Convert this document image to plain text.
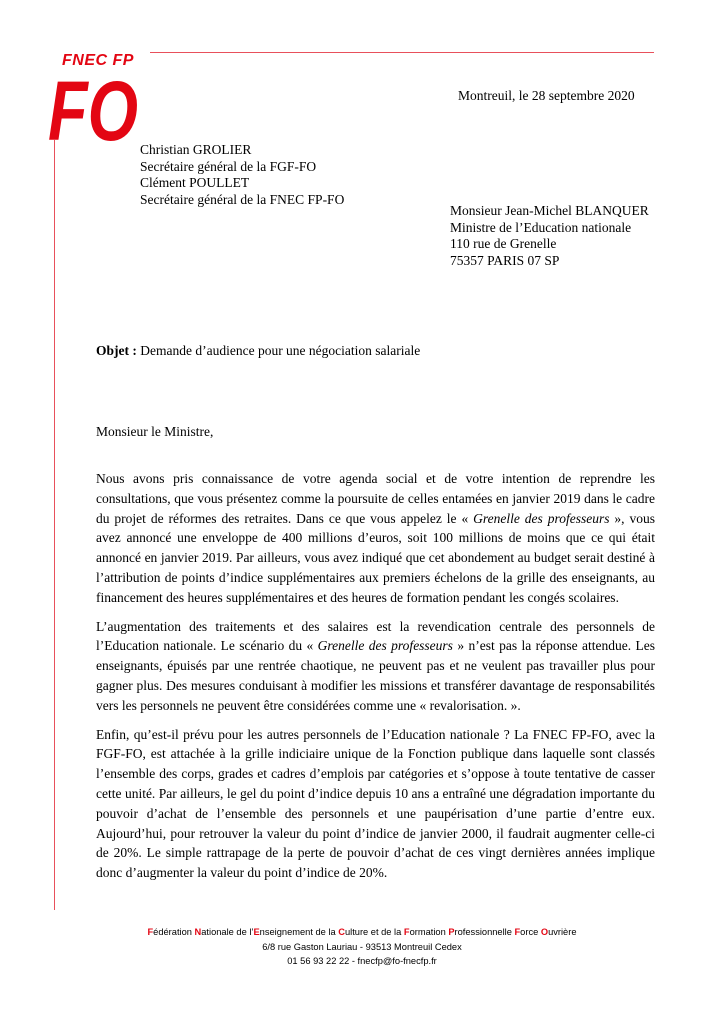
FNEC FP
FO	Montreuil, le 28 septembre 2020
Christian GROLIER
Secrétaire général de la FGF-FO
Clément POULLET
Secrétaire général de la FNEC FP-FO
Monsieur Jean-Michel BLANQUER
Ministre de l’Education nationale
110 rue de Grenelle
75357 PARIS 07 SP
Objet : Demande d’audience pour une négociation salariale
Monsieur le Ministre,

Nous avons pris connaissance de votre agenda social et de votre intention de reprendre les consultations, que vous présentez comme la poursuite de celles entamées en janvier 2019 dans le cadre du projet de réformes des retraites. Dans ce que vous appelez le « Grenelle des professeurs », vous avez annoncé une enveloppe de 400 millions d’euros, soit 100 millions de moins que ce qui était annoncé en janvier 2019. Par ailleurs, vous avez indiqué que cet abondement au budget serait destiné à l’attribution de points d’indice supplémentaires aux premiers échelons de la grille des enseignants, au financement des heures supplémentaires et des heures de formation pendant les congés scolaires.

L’augmentation des traitements et des salaires est la revendication centrale des personnels de l’Education nationale. Le scénario du « Grenelle des professeurs » n’est pas la réponse attendue. Les enseignants, épuisés par une rentrée chaotique, ne peuvent pas et ne veulent pas travailler plus pour gagner plus. Des mesures conduisant à modifier les missions et transférer davantage de responsabilités vers les personnels ne peuvent être considérées comme une « revalorisation. ».

Enfin, qu’est-il prévu pour les autres personnels de l’Education nationale ? La FNEC FP-FO, avec la FGF-FO, est attachée à la grille indiciaire unique de la Fonction publique dans laquelle sont classés l’ensemble des corps, grades et cadres d’emplois par catégories et s’oppose à toute tentative de casser cette unité. Par ailleurs, le gel du point d’indice depuis 10 ans a entraîné une dégradation importante du pouvoir d’achat de l’ensemble des personnels et une paupérisation d’une partie d’entre eux. Aujourd’hui, pour retrouver la valeur du point d’indice de janvier 2000, il faudrait augmenter celle-ci de 20%. Le simple rattrapage de la perte de pouvoir d’achat de ces vingt dernières années implique donc d’augmenter la valeur du point d’indice de 20%.

Fédération Nationale de l’Enseignement de la Culture et de la Formation Professionnelle Force Ouvrière
6/8 rue Gaston Lauriau - 93513 Montreuil Cedex
01 56 93 22 22 - fnecfp@fo-fnecfp.fr
